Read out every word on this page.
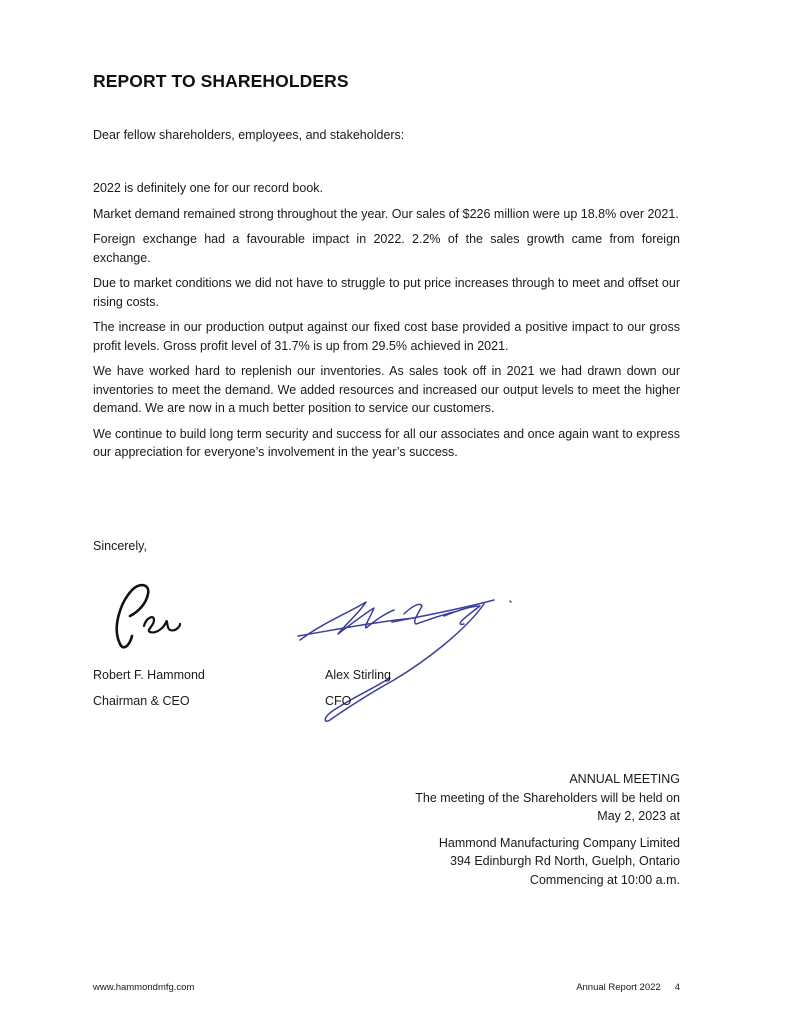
REPORT TO SHAREHOLDERS

Dear fellow shareholders, employees, and stakeholders:

2022 is definitely one for our record book.

Market demand remained strong throughout the year. Our sales of $226 million were up 18.8% over 2021.

Foreign exchange had a favourable impact in 2022. 2.2% of the sales growth came from foreign exchange.

Due to market conditions we did not have to struggle to put price increases through to meet and offset our rising costs.

The increase in our production output against our fixed cost base provided a positive impact to our gross profit levels. Gross profit level of 31.7% is up from 29.5% achieved in 2021.

We have worked hard to replenish our inventories. As sales took off in 2021 we had drawn down our inventories to meet the demand. We added resources and increased our output levels to meet the higher demand. We are now in a much better position to service our customers.

We continue to build long term security and success for all our associates and once again want to express our appreciation for everyone’s involvement in the year’s success.

Sincerely,

Robert F. Hammond

Chairman & CEO

Alex Stirling

CFO

ANNUAL MEETING
The meeting of the Shareholders will be held on
May 2, 2023 at
Hammond Manufacturing Company Limited
394 Edinburgh Rd North, Guelph, Ontario
Commencing at 10:00 a.m.
www.hammondmfg.com	Annual Report 2022 4
